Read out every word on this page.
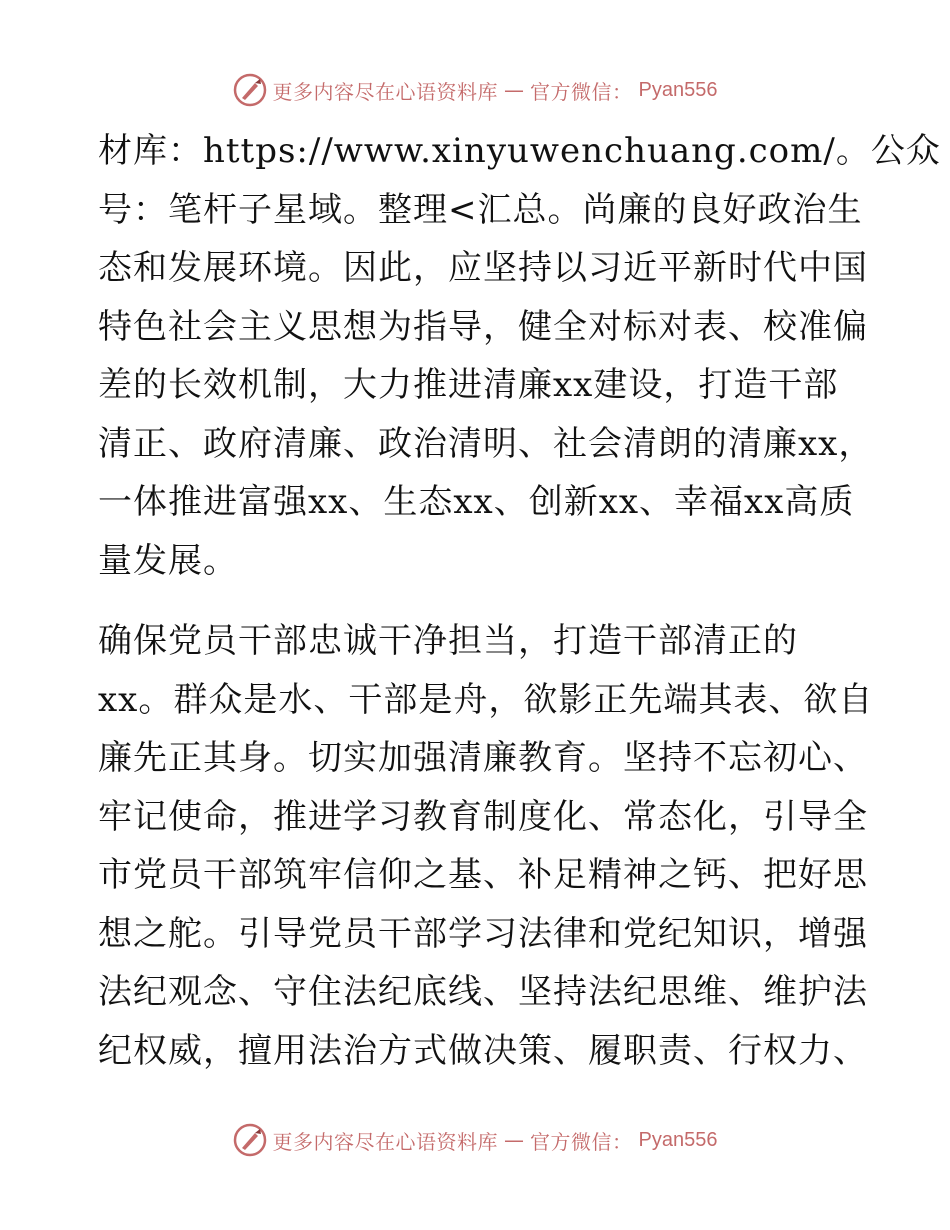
更多内容尽在心语资料库 — 官方微信： Pyan556

材库：https://www.xinyuwenchuang.com/。公众
号：笔杆子星域。整理<汇总。尚廉的良好政治生
态和发展环境。因此，应坚持以习近平新时代中国
特色社会主义思想为指导，健全对标对表、校准偏
差的长效机制，大力推进清廉xx建设，打造干部
清正、政府清廉、政治清明、社会清朗的清廉xx，
一体推进富强xx、生态xx、创新xx、幸福xx高质
量发展。

确保党员干部忠诚干净担当，打造干部清正的
xx。群众是水、干部是舟，欲影正先端其表、欲自
廉先正其身。切实加强清廉教育。坚持不忘初心、
牢记使命，推进学习教育制度化、常态化，引导全
市党员干部筑牢信仰之基、补足精神之钙、把好思
想之舵。引导党员干部学习法律和党纪知识，增强
法纪观念、守住法纪底线、坚持法纪思维、维护法
纪权威，擅用法治方式做决策、履职责、行权力、

更多内容尽在心语资料库 — 官方微信： Pyan556
